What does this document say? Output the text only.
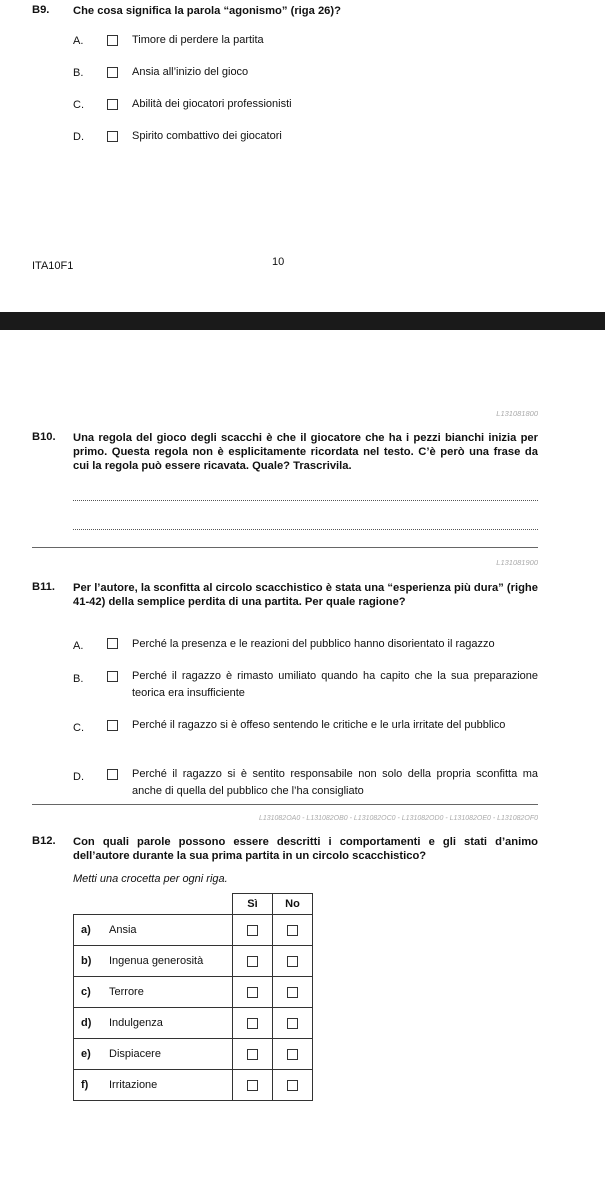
B9. Che cosa significa la parola “agonismo” (riga 26)?
A.	Timore di perdere la partita
B.	Ansia all’inizio del gioco
C.	Abilità dei giocatori professionisti
D.	Spirito combattivo dei giocatori
ITA10F1	10
L131081800
B10. Una regola del gioco degli scacchi è che il giocatore che ha i pezzi bianchi inizia per primo. Questa regola non è esplicitamente ricordata nel testo. C’è però una frase da cui la regola può essere ricavata. Quale? Trascrivila.
L131081900
B11. Per l’autore, la sconfitta al circolo scacchistico è stata una “esperienza più dura” (righe 41-42) della semplice perdita di una partita. Per quale ragione?
A.	Perché la presenza e le reazioni del pubblico hanno disorientato il ragazzo
B.	Perché il ragazzo è rimasto umiliato quando ha capito che la sua preparazione teorica era insufficiente
C.	Perché il ragazzo si è offeso sentendo le critiche e le urla irritate del pubblico
D.	Perché il ragazzo si è sentito responsabile non solo della propria sconfitta ma anche di quella del pubblico che l’ha consigliato
L131082OA0 - L131082OB0 - L131082OC0 - L131082OD0 - L131082OE0 - L131082OF0
B12. Con quali parole possono essere descritti i comportamenti e gli stati d’animo dell’autore durante la sua prima partita in un circolo scacchistico?
Metti una crocetta per ogni riga.
	Sì	No
a) Ansia		
b) Ingenua generosità		
c) Terrore		
d) Indulgenza		
e) Dispiacere		
f) Irritazione		
